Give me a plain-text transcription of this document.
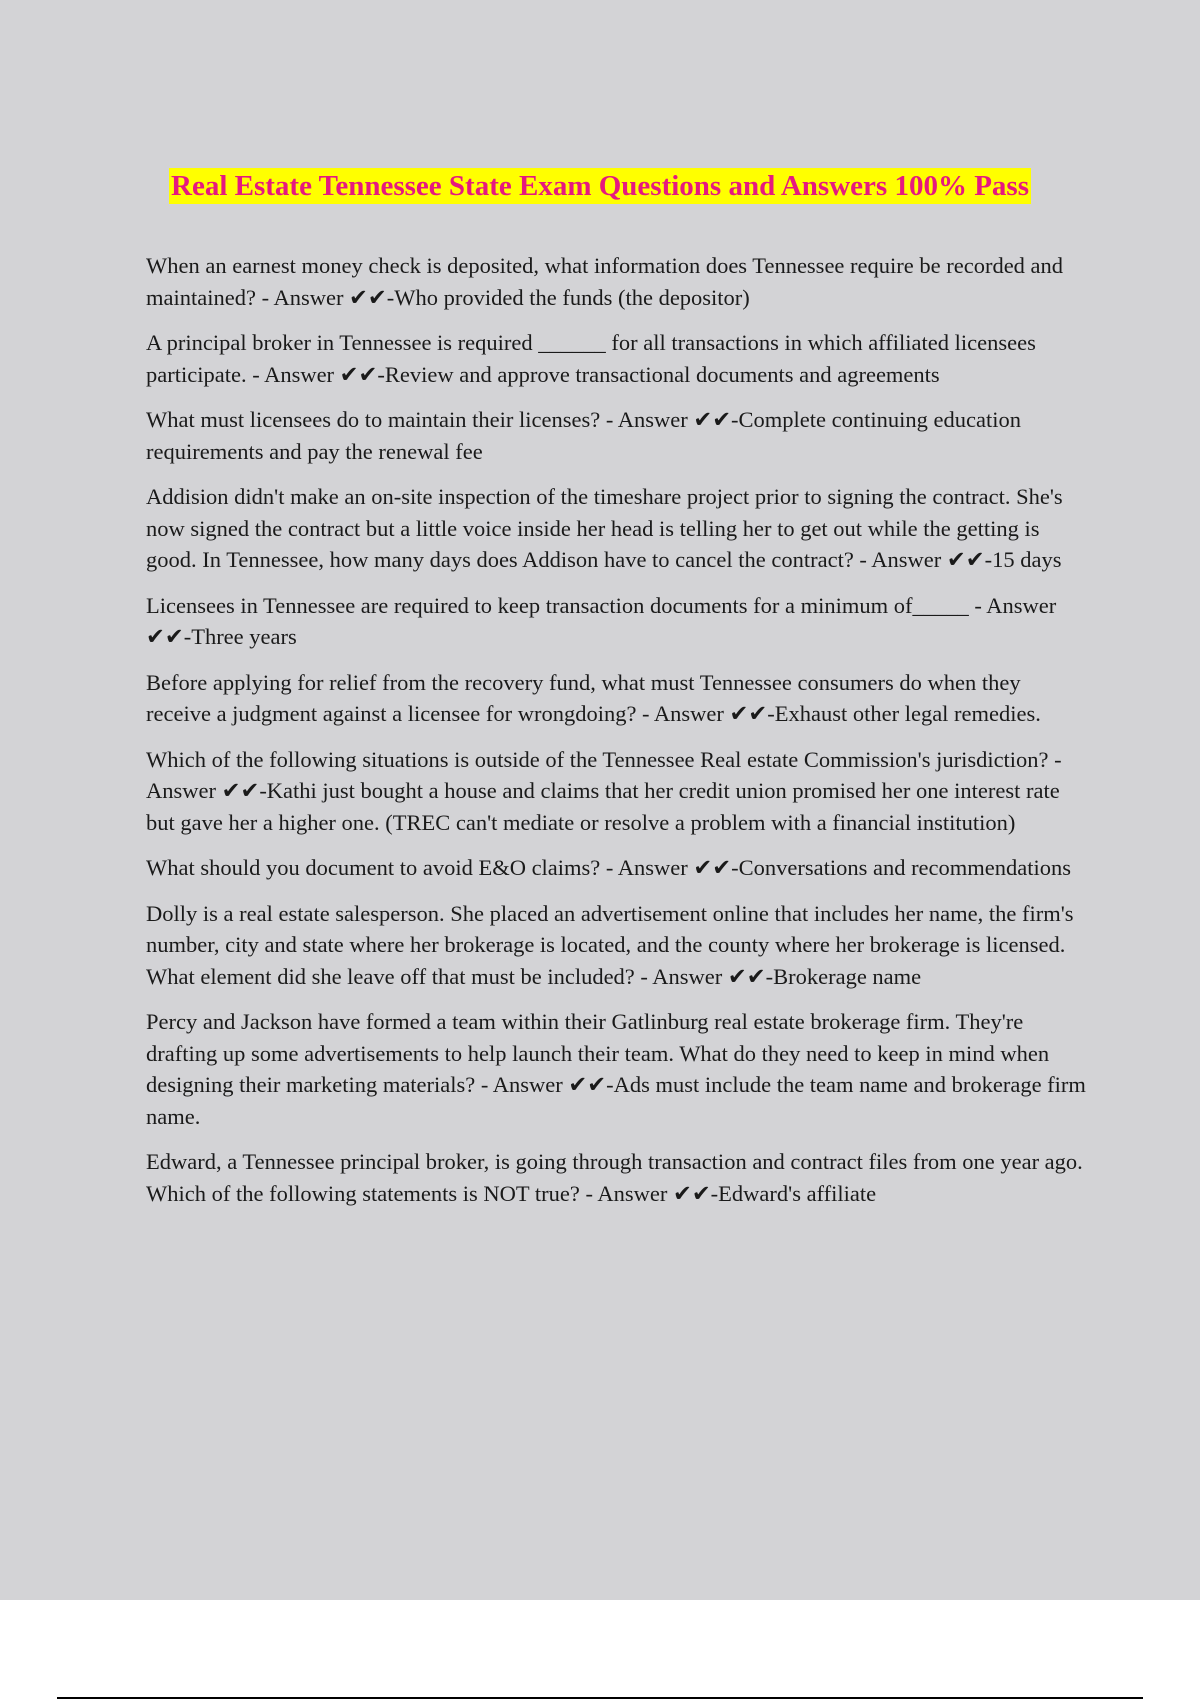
Real Estate Tennessee State Exam Questions and Answers 100% Pass

When an earnest money check is deposited, what information does Tennessee require be recorded and maintained? - Answer ✔✔-Who provided the funds (the depositor)

A principal broker in Tennessee is required ______ for all transactions in which affiliated licensees participate. - Answer ✔✔-Review and approve transactional documents and agreements

What must licensees do to maintain their licenses? - Answer ✔✔-Complete continuing education requirements and pay the renewal fee

Addision didn't make an on-site inspection of the timeshare project prior to signing the contract. She's now signed the contract but a little voice inside her head is telling her to get out while the getting is good. In Tennessee, how many days does Addison have to cancel the contract? - Answer ✔✔-15 days

Licensees in Tennessee are required to keep transaction documents for a minimum of_____ - Answer ✔✔-Three years

Before applying for relief from the recovery fund, what must Tennessee consumers do when they receive a judgment against a licensee for wrongdoing? - Answer ✔✔-Exhaust other legal remedies.

Which of the following situations is outside of the Tennessee Real estate Commission's jurisdiction? - Answer ✔✔-Kathi just bought a house and claims that her credit union promised her one interest rate but gave her a higher one. (TREC can't mediate or resolve a problem with a financial institution)

What should you document to avoid E&O claims? - Answer ✔✔-Conversations and recommendations

Dolly is a real estate salesperson. She placed an advertisement online that includes her name, the firm's number, city and state where her brokerage is located, and the county where her brokerage is licensed. What element did she leave off that must be included? - Answer ✔✔-Brokerage name

Percy and Jackson have formed a team within their Gatlinburg real estate brokerage firm. They're drafting up some advertisements to help launch their team. What do they need to keep in mind when designing their marketing materials? - Answer ✔✔-Ads must include the team name and brokerage firm name.

Edward, a Tennessee principal broker, is going through transaction and contract files from one year ago. Which of the following statements is NOT true? - Answer ✔✔-Edward's affiliate
